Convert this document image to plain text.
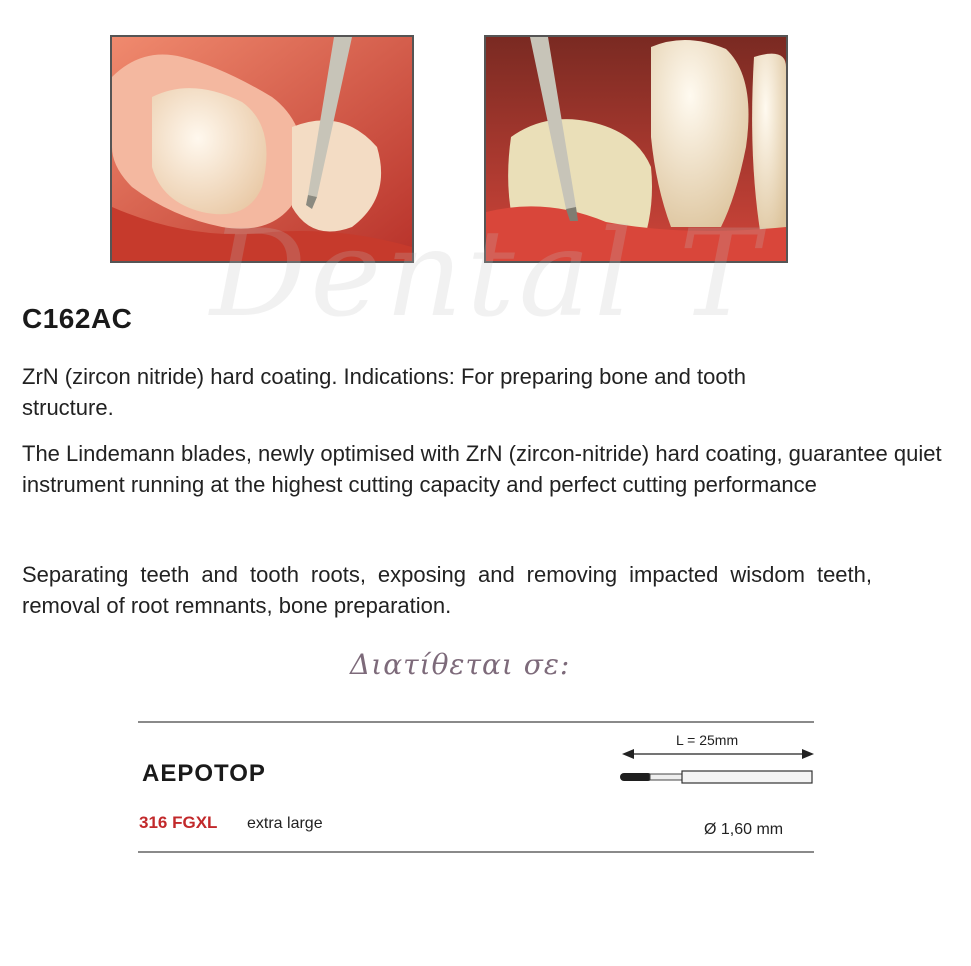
Dental T
C162AC
ZrN (zircon nitride) hard coating. Indications: For preparing bone and tooth structure.
The Lindemann blades, newly optimised with ZrN (zircon-nitride) hard coating, guarantee quiet instrument running at the highest cutting capacity and perfect cutting performance
Separating teeth and tooth roots, exposing and removing impacted wisdom teeth, removal of root remnants, bone preparation.
Διατίθεται σε:
ΑΕΡΟΤΟΡ
L = 25mm
316 FGXL extra large	Ø 1,60 mm
